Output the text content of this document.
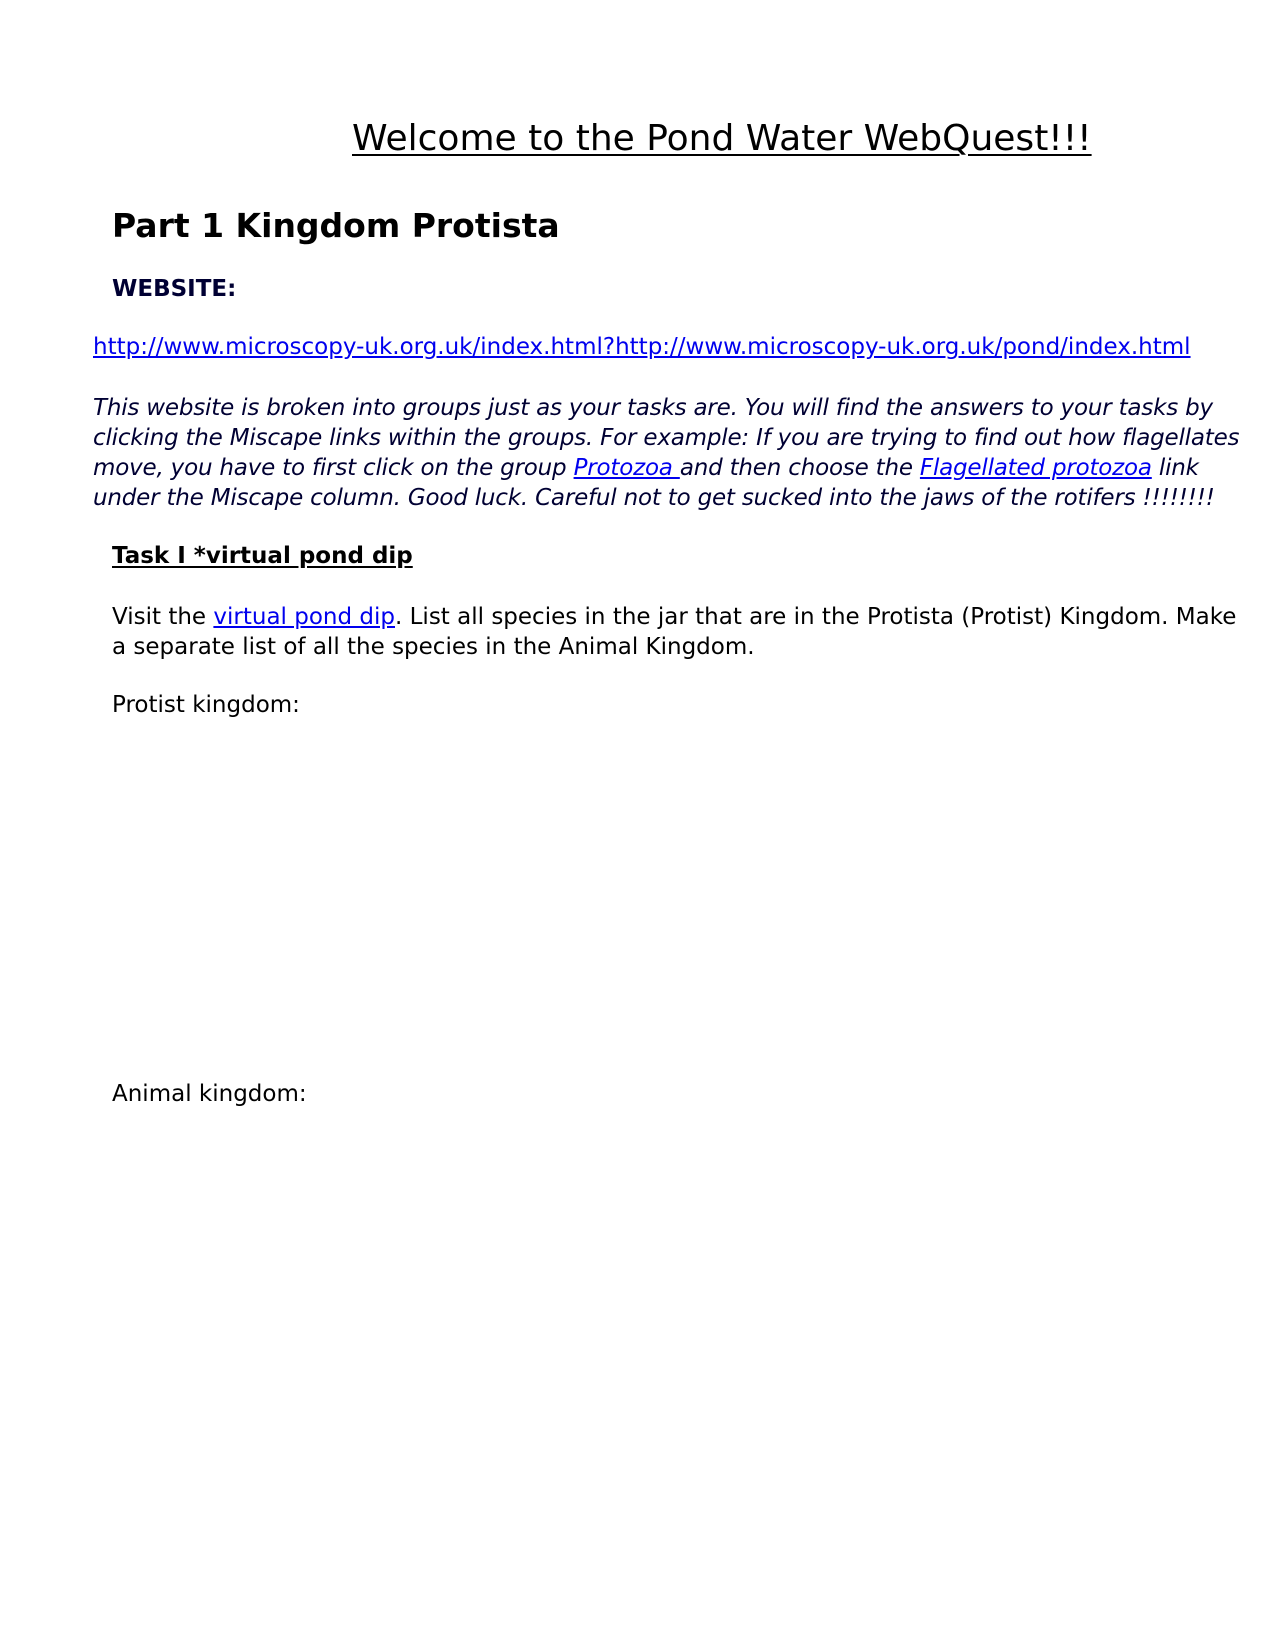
Welcome to the Pond Water WebQuest!!!
Part 1 Kingdom Protista
WEBSITE:
http://www.microscopy-uk.org.uk/index.html?http://www.microscopy-uk.org.uk/pond/index.html
This website is broken into groups just as your tasks are. You will find the answers to your tasks by clicking the Miscape links within the groups. For example: If you are trying to find out how flagellates move, you have to first click on the group Protozoa and then choose the Flagellated protozoa link under the Miscape column. Good luck. Careful not to get sucked into the jaws of the rotifers !!!!!!!!
Task I *virtual pond dip
Visit the virtual pond dip. List all species in the jar that are in the Protista (Protist) Kingdom. Make a separate list of all the species in the Animal Kingdom.
Protist kingdom:
Animal kingdom:
